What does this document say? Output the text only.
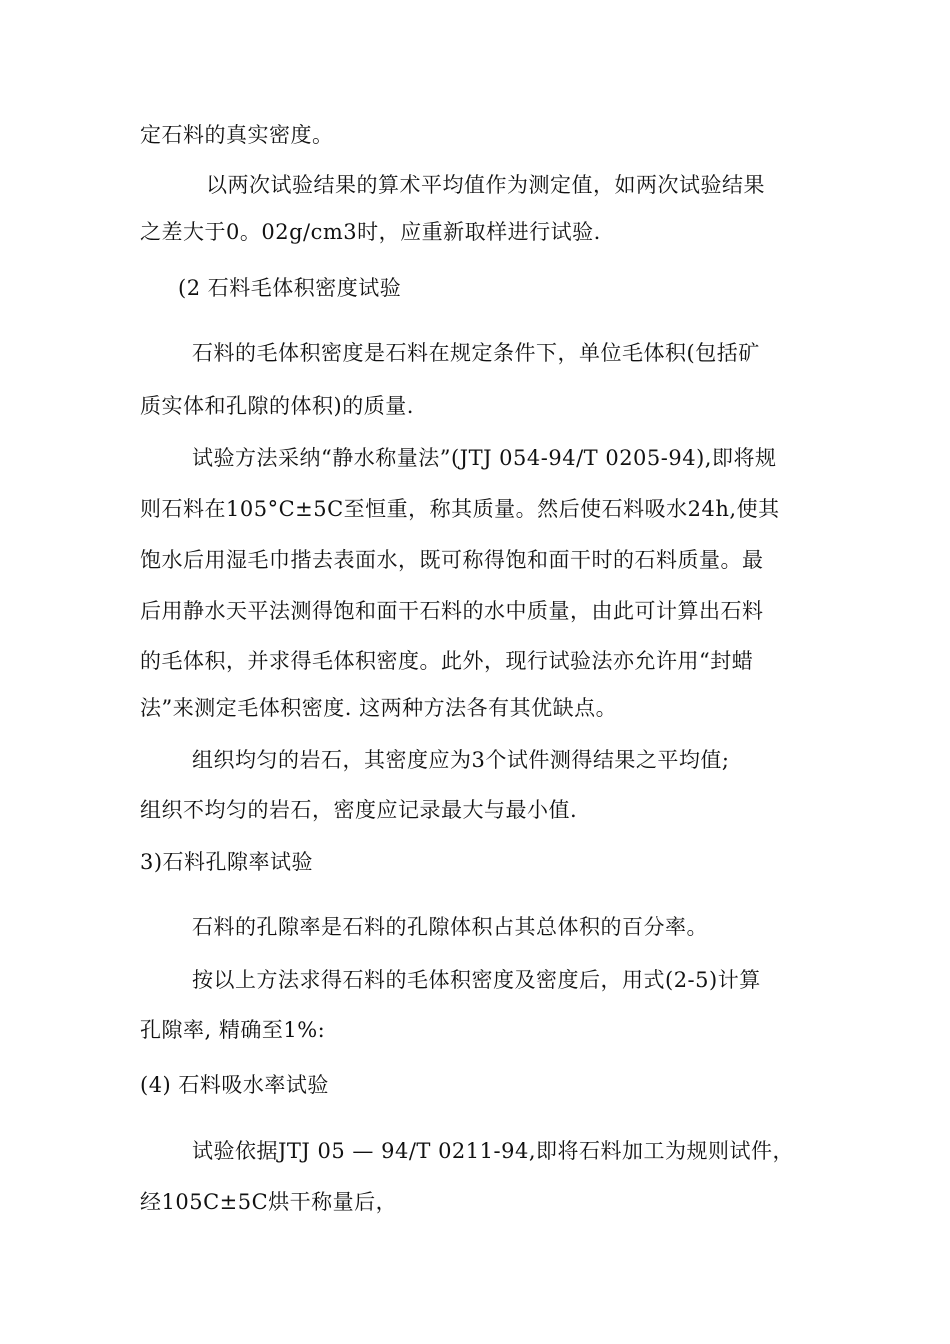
定石料的真实密度。
以两次试验结果的算术平均值作为测定值，如两次试验结果
之差大于0。02g/cm3时，应重新取样进行试验.
(2 石料毛体积密度试验
石料的毛体积密度是石料在规定条件下，单位毛体积(包括矿
质实体和孔隙的体积)的质量.
试验方法采纳“静水称量法”(JTJ 054-94/T 0205-94),即将规
则石料在105°C±5C至恒重，称其质量。然后使石料吸水24h,使其
饱水后用湿毛巾揩去表面水，既可称得饱和面干时的石料质量。最
后用静水天平法测得饱和面干石料的水中质量，由此可计算出石料
的毛体积，并求得毛体积密度。此外，现行试验法亦允许用“封蜡
法”来测定毛体积密度. 这两种方法各有其优缺点。
组织均匀的岩石，其密度应为3个试件测得结果之平均值;
组织不均匀的岩石，密度应记录最大与最小值.
3)石料孔隙率试验
石料的孔隙率是石料的孔隙体积占其总体积的百分率。
按以上方法求得石料的毛体积密度及密度后，用式(2-5)计算
孔隙率, 精确至1%:
(4) 石料吸水率试验
试验依据JTJ 05 — 94/T 0211-94,即将石料加工为规则试件，
经105C±5C烘干称量后，
